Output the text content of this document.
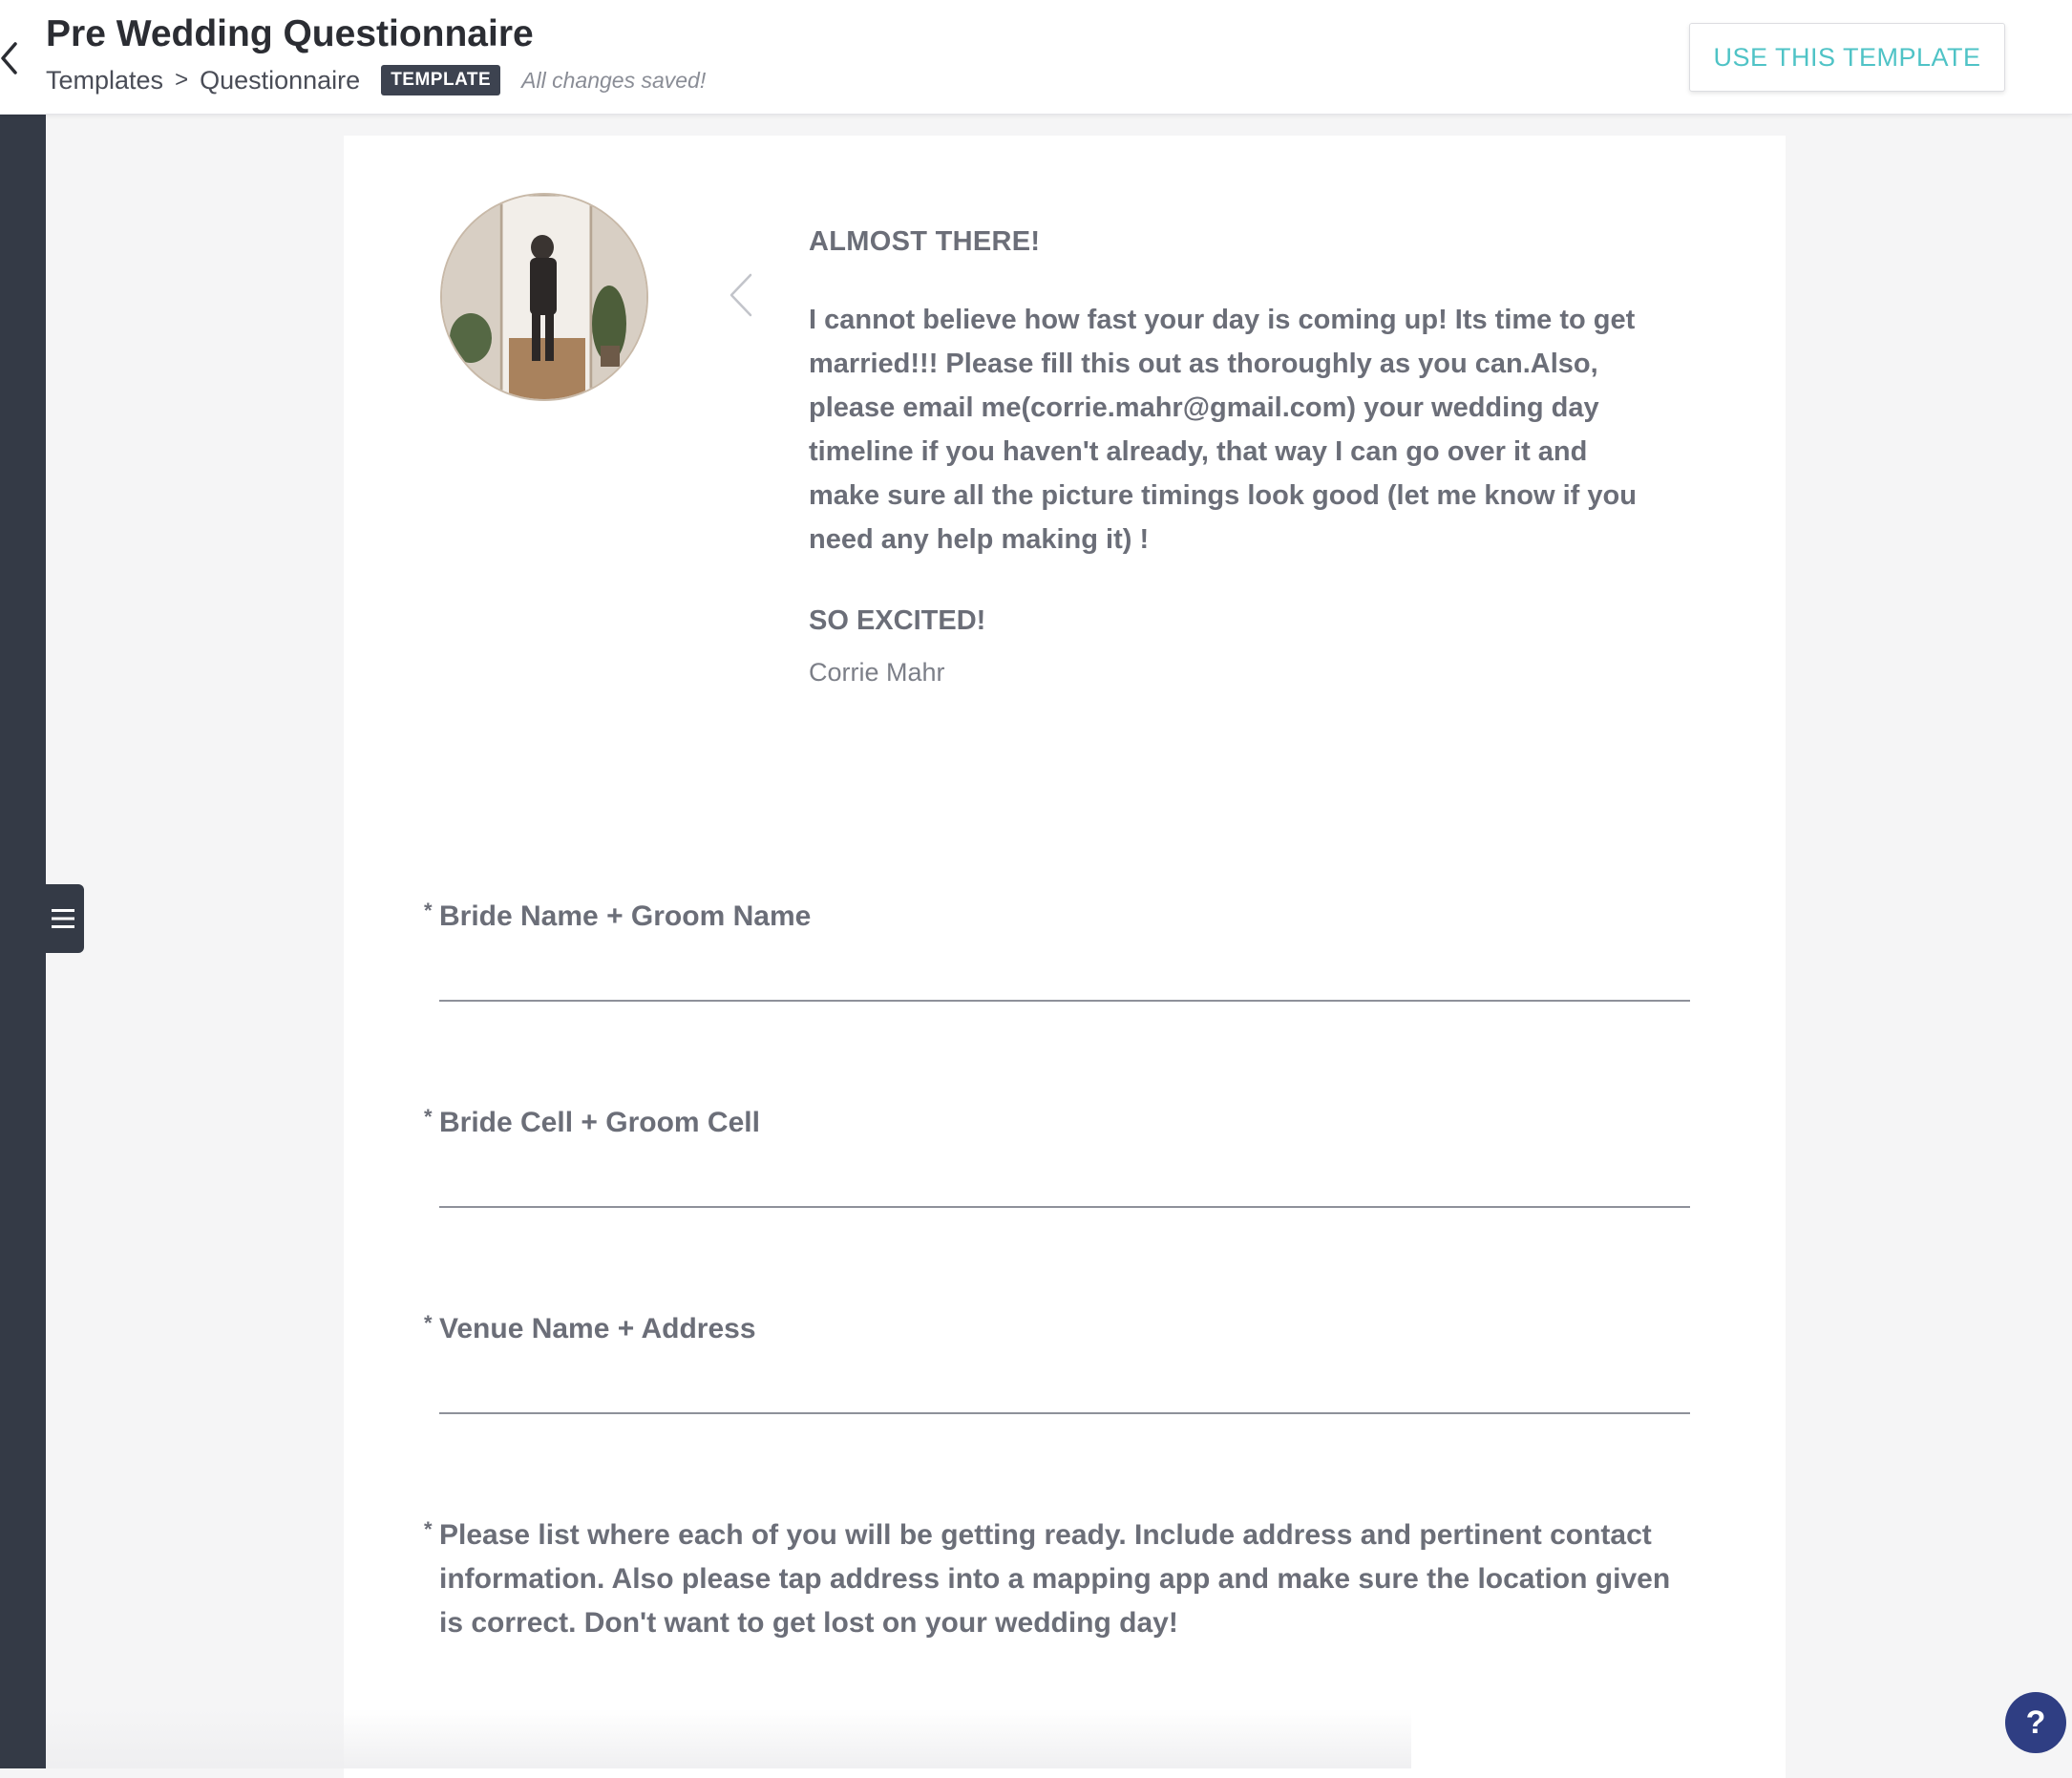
Pre Wedding Questionnaire
Templates > Questionnaire	TEMPLATE	All changes saved!
USE THIS TEMPLATE
ALMOST THERE!
I cannot believe how fast your day is coming up! Its time to get married!!! Please fill this out as thoroughly as you can.Also, please email me(corrie.mahr@gmail.com) your wedding day timeline if you haven't already, that way I can go over it and make sure all the picture timings look good (let me know if you need any help making it) !
SO EXCITED!
Corrie Mahr
* Bride Name + Groom Name
* Bride Cell + Groom Cell
* Venue Name + Address
* Please list where each of you will be getting ready. Include address and pertinent contact information. Also please tap address into a mapping app and make sure the location given is correct. Don't want to get lost on your wedding day!
?
